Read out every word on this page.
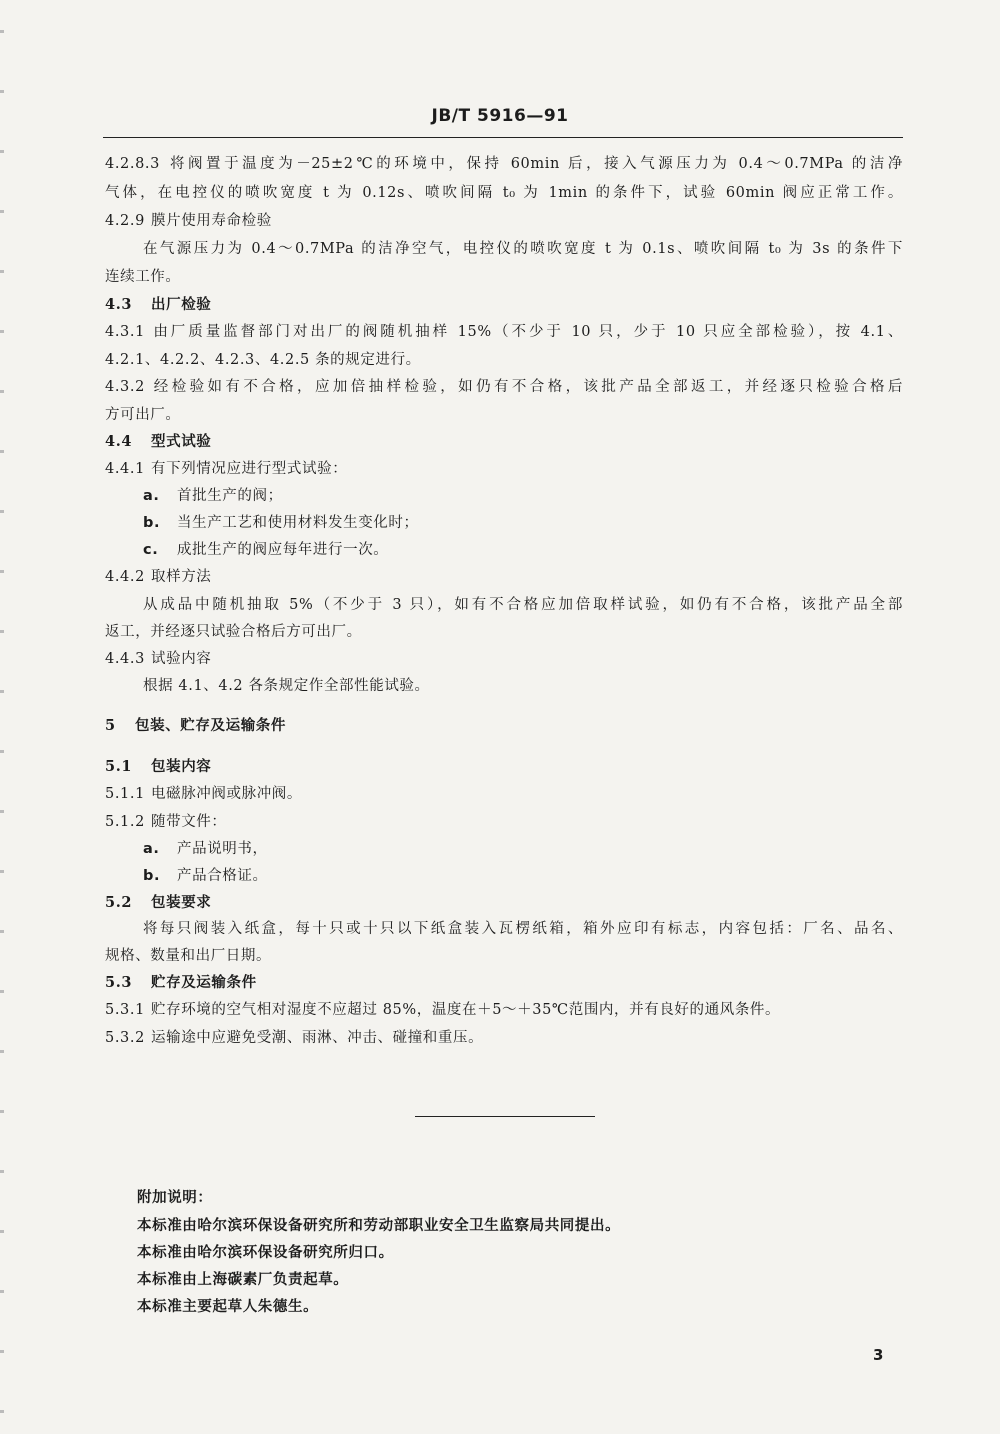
JB/T 5916—91
4.2.8.3 将阀置于温度为－25±2℃的环境中，保持 60min 后，接入气源压力为 0.4～0.7MPa 的洁净
气体，在电控仪的喷吹宽度 t 为 0.12s、喷吹间隔 t₀ 为 1min 的条件下，试验 60min 阀应正常工作。
4.2.9 膜片使用寿命检验
在气源压力为 0.4～0.7MPa 的洁净空气，电控仪的喷吹宽度 t 为 0.1s、喷吹间隔 t₀ 为 3s 的条件下
连续工作。
4.3 出厂检验
4.3.1 由厂质量监督部门对出厂的阀随机抽样 15%（不少于 10 只，少于 10 只应全部检验），按 4.1、
4.2.1、4.2.2、4.2.3、4.2.5 条的规定进行。
4.3.2 经检验如有不合格，应加倍抽样检验，如仍有不合格，该批产品全部返工，并经逐只检验合格后
方可出厂。
4.4 型式试验
4.4.1 有下列情况应进行型式试验：
a. 首批生产的阀；
b. 当生产工艺和使用材料发生变化时；
c. 成批生产的阀应每年进行一次。
4.4.2 取样方法
从成品中随机抽取 5%（不少于 3 只），如有不合格应加倍取样试验，如仍有不合格，该批产品全部
返工，并经逐只试验合格后方可出厂。
4.4.3 试验内容
根据 4.1、4.2 各条规定作全部性能试验。
5 包装、贮存及运输条件
5.1 包装内容
5.1.1 电磁脉冲阀或脉冲阀。
5.1.2 随带文件：
a. 产品说明书，
b. 产品合格证。
5.2 包装要求
将每只阀装入纸盒，每十只或十只以下纸盒装入瓦楞纸箱，箱外应印有标志，内容包括：厂名、品名、
规格、数量和出厂日期。
5.3 贮存及运输条件
5.3.1 贮存环境的空气相对湿度不应超过 85%，温度在＋5～＋35℃范围内，并有良好的通风条件。
5.3.2 运输途中应避免受潮、雨淋、冲击、碰撞和重压。
附加说明：
本标准由哈尔滨环保设备研究所和劳动部职业安全卫生监察局共同提出。
本标准由哈尔滨环保设备研究所归口。
本标准由上海碳素厂负责起草。
本标准主要起草人朱德生。
3
